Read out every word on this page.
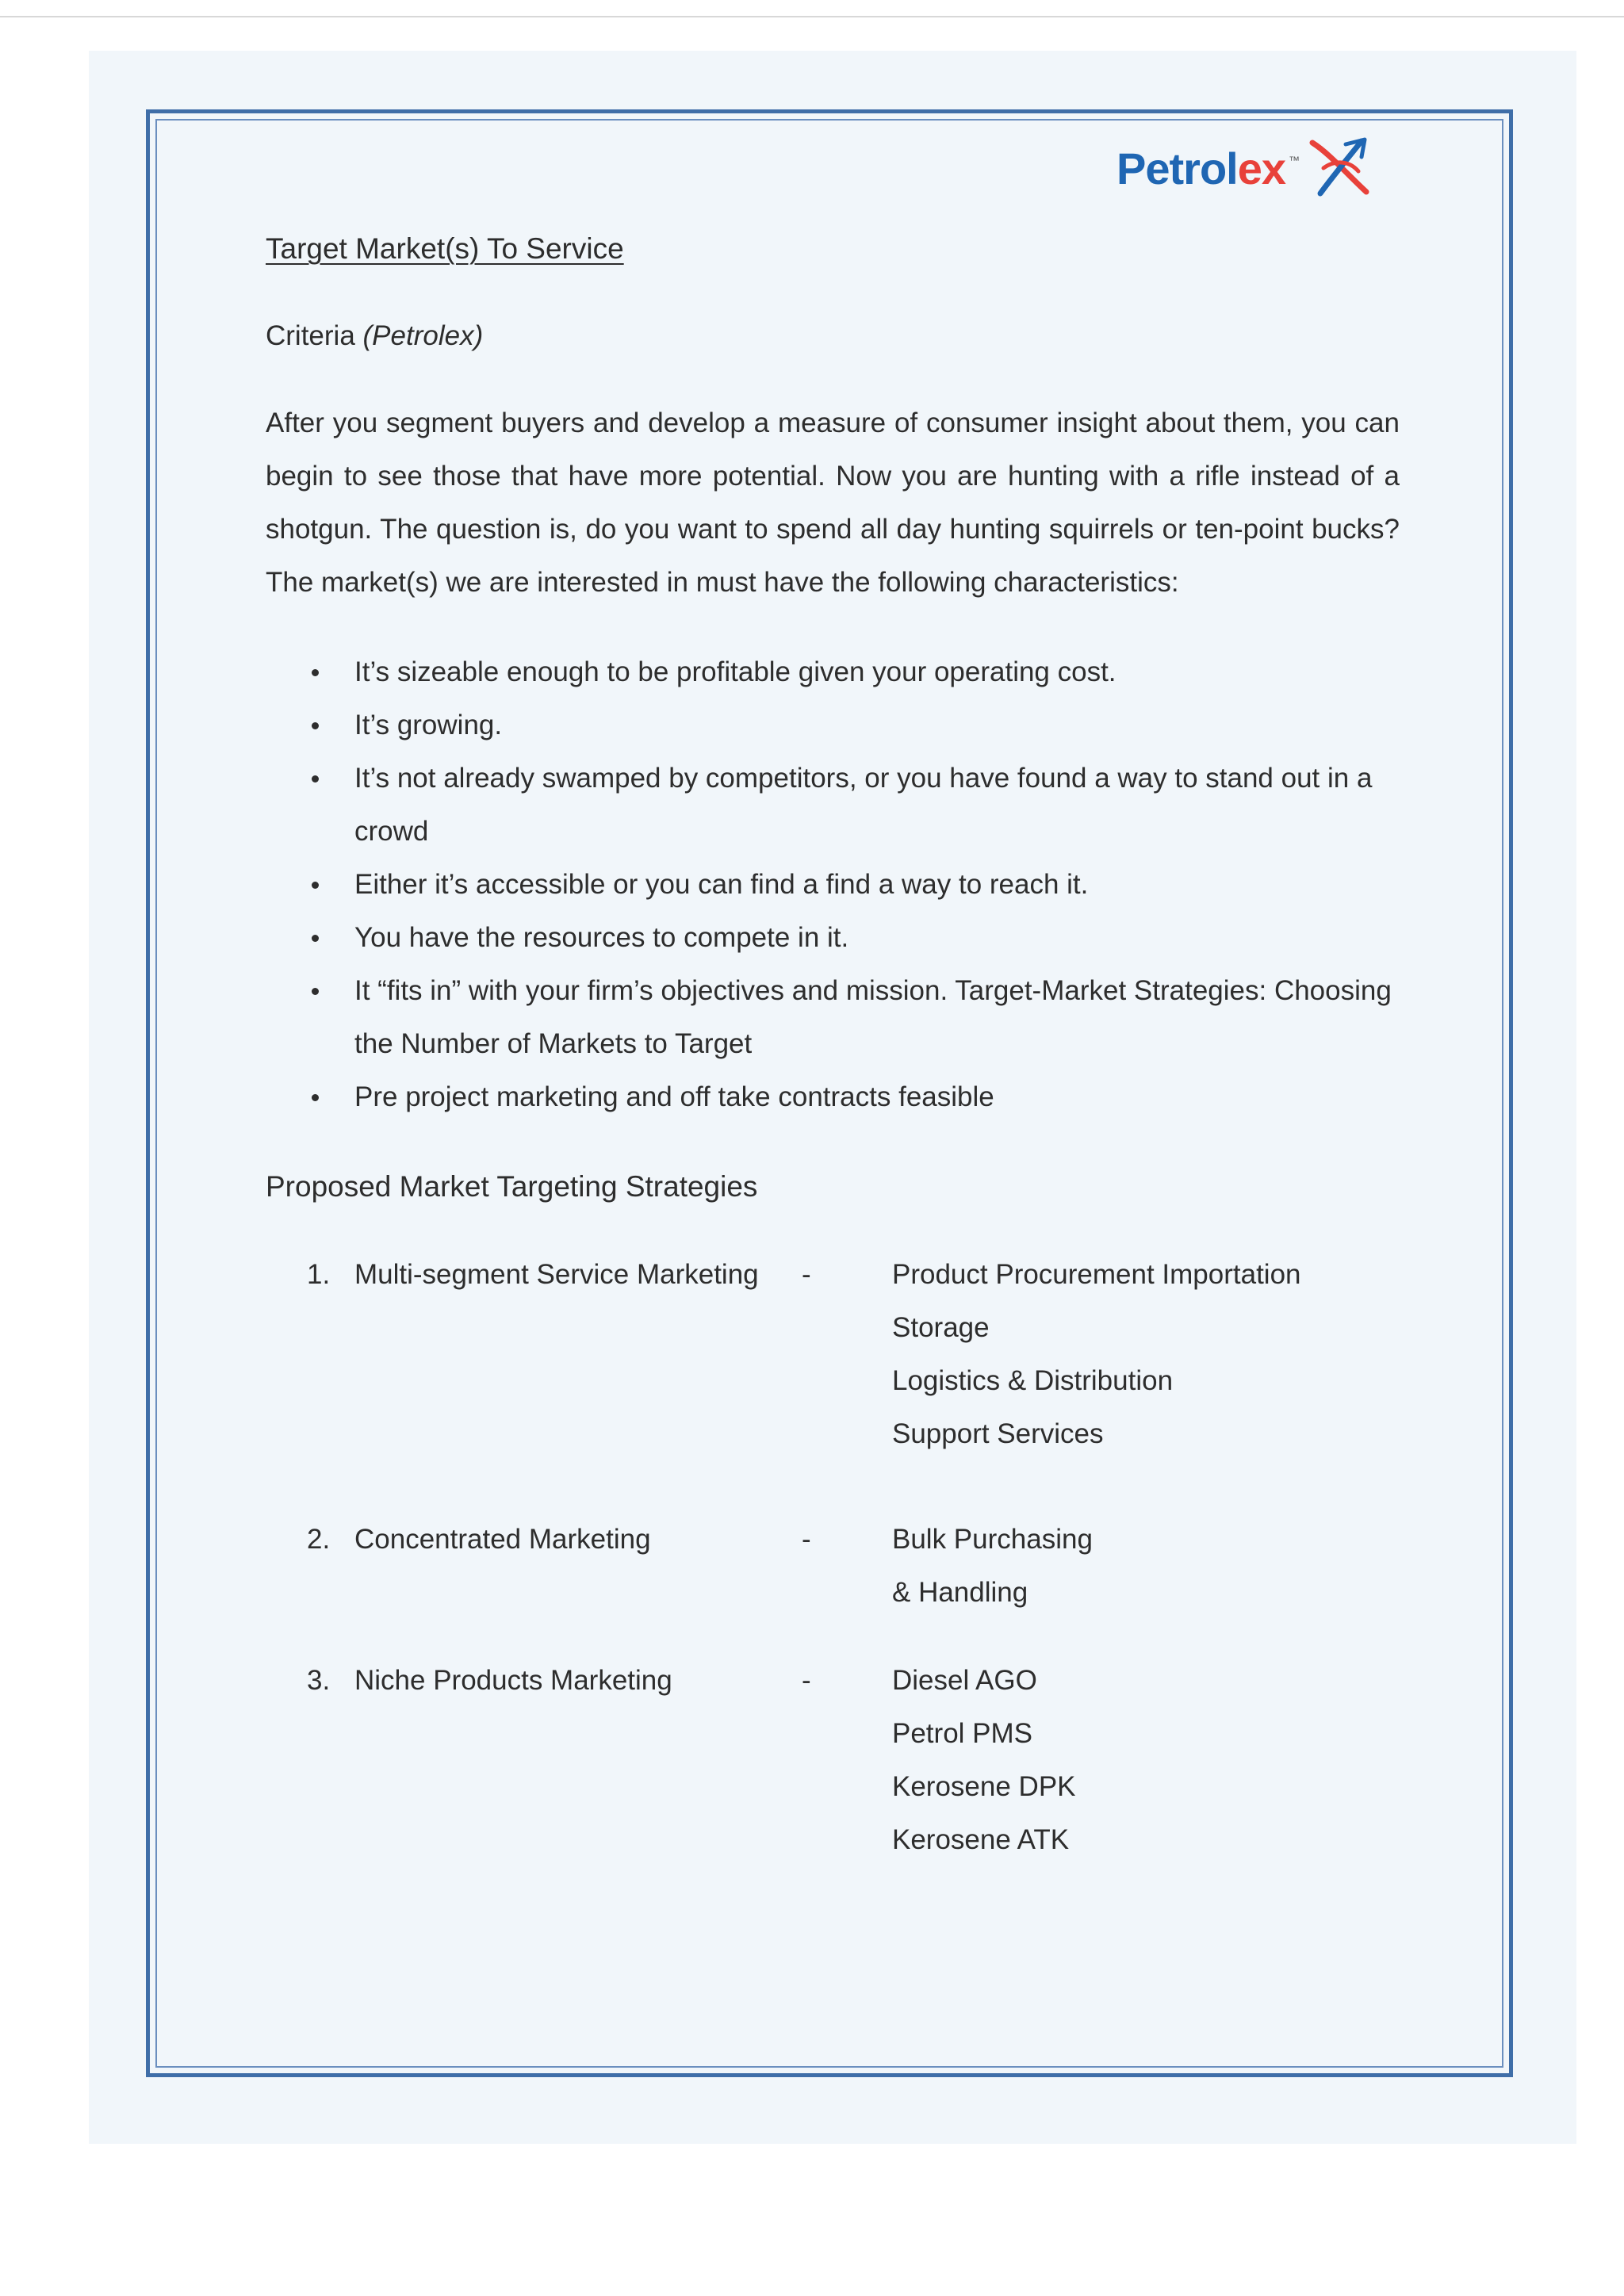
Petrolex ™
Target Market(s) To Service

Criteria (Petrolex)

After you segment buyers and develop a measure of consumer insight about them, you can begin to see those that have more potential. Now you are hunting with a rifle instead of a shotgun. The question is, do you want to spend all day hunting squirrels or ten-point bucks? The market(s) we are interested in must have the following characteristics:

It’s sizeable enough to be profitable given your operating cost.
It’s growing.
It’s not already swamped by competitors, or you have found a way to stand out in a crowd
Either it’s accessible or you can find a find a way to reach it.
You have the resources to compete in it.
It “fits in” with your firm’s objectives and mission. Target-Market Strategies: Choosing the Number of Markets to Target
Pre project marketing and off take contracts feasible
Proposed Market Targeting Strategies
1. Multi-segment Service Marketing -	Product Procurement Importation
Storage
Logistics & Distribution
Support Services
2. Concentrated Marketing	-	Bulk Purchasing
& Handling
3. Niche Products Marketing	-	Diesel AGO
Petrol PMS
Kerosene DPK
Kerosene ATK
